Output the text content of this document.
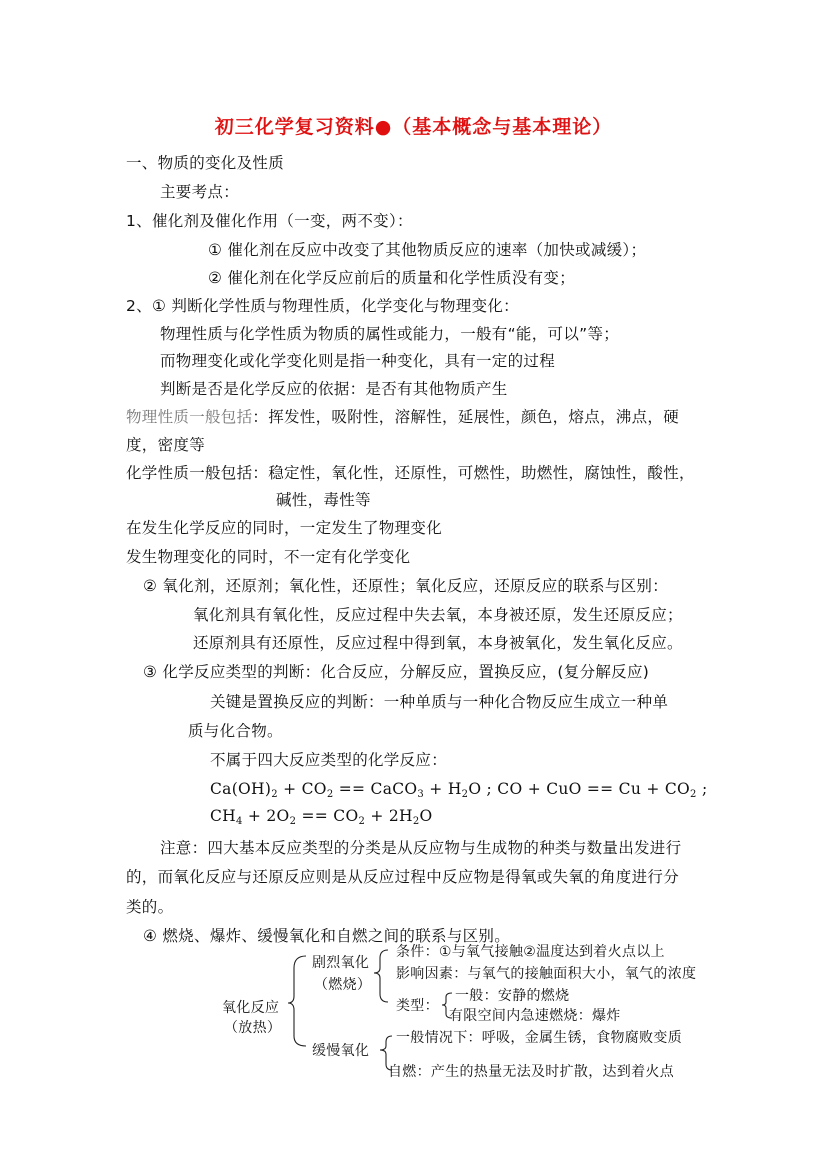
初三化学复习资料●（基本概念与基本理论）
一、物质的变化及性质
主要考点：
1、催化剂及催化作用（一变，两不变）：
① 催化剂在反应中改变了其他物质反应的速率（加快或减缓）；
② 催化剂在化学反应前后的质量和化学性质没有变；
2、① 判断化学性质与物理性质，化学变化与物理变化：
物理性质与化学性质为物质的属性或能力，一般有“能，可以”等；
而物理变化或化学变化则是指一种变化，具有一定的过程
判断是否是化学反应的依据：是否有其他物质产生
物理性质一般包括：挥发性，吸附性，溶解性，延展性，颜色，熔点，沸点，硬
度，密度等
化学性质一般包括：稳定性，氧化性，还原性，可燃性，助燃性，腐蚀性，酸性，
碱性，毒性等
在发生化学反应的同时，一定发生了物理变化
发生物理变化的同时，不一定有化学变化
② 氧化剂，还原剂；氧化性，还原性；氧化反应，还原反应的联系与区别：
氧化剂具有氧化性，反应过程中失去氧，本身被还原，发生还原反应；
还原剂具有还原性，反应过程中得到氧，本身被氧化，发生氧化反应。
③ 化学反应类型的判断：化合反应，分解反应，置换反应，(复分解反应)
关键是置换反应的判断：一种单质与一种化合物反应生成立一种单
质与化合物。
不属于四大反应类型的化学反应：
$Ca(OH)_2 + CO_2$ == CaCO$_3$ + $H_2O$ ; CO + CuO == $Cu + CO_2$ ;
$CH_4 + 2O_2 == CO_2 + 2H_2O$
注意：四大基本反应类型的分类是从反应物与生成物的种类与数量出发进行
的，而氧化反应与还原反应则是从反应过程中反应物是得氧或失氧的角度进行分
类的。
④ 燃烧、爆炸、缓慢氧化和自燃之间的联系与区别。
氧化反应
（放热）
剧烈氧化
（燃烧）
条件：①与氧气接触②温度达到着火点以上
影响因素：与氧气的接触面积大小，氧气的浓度
类型：
一般：安静的燃烧
有限空间内急速燃烧：爆炸
缓慢氧化
一般情况下：呼吸，金属生锈，食物腐败变质
自燃：产生的热量无法及时扩散，达到着火点
